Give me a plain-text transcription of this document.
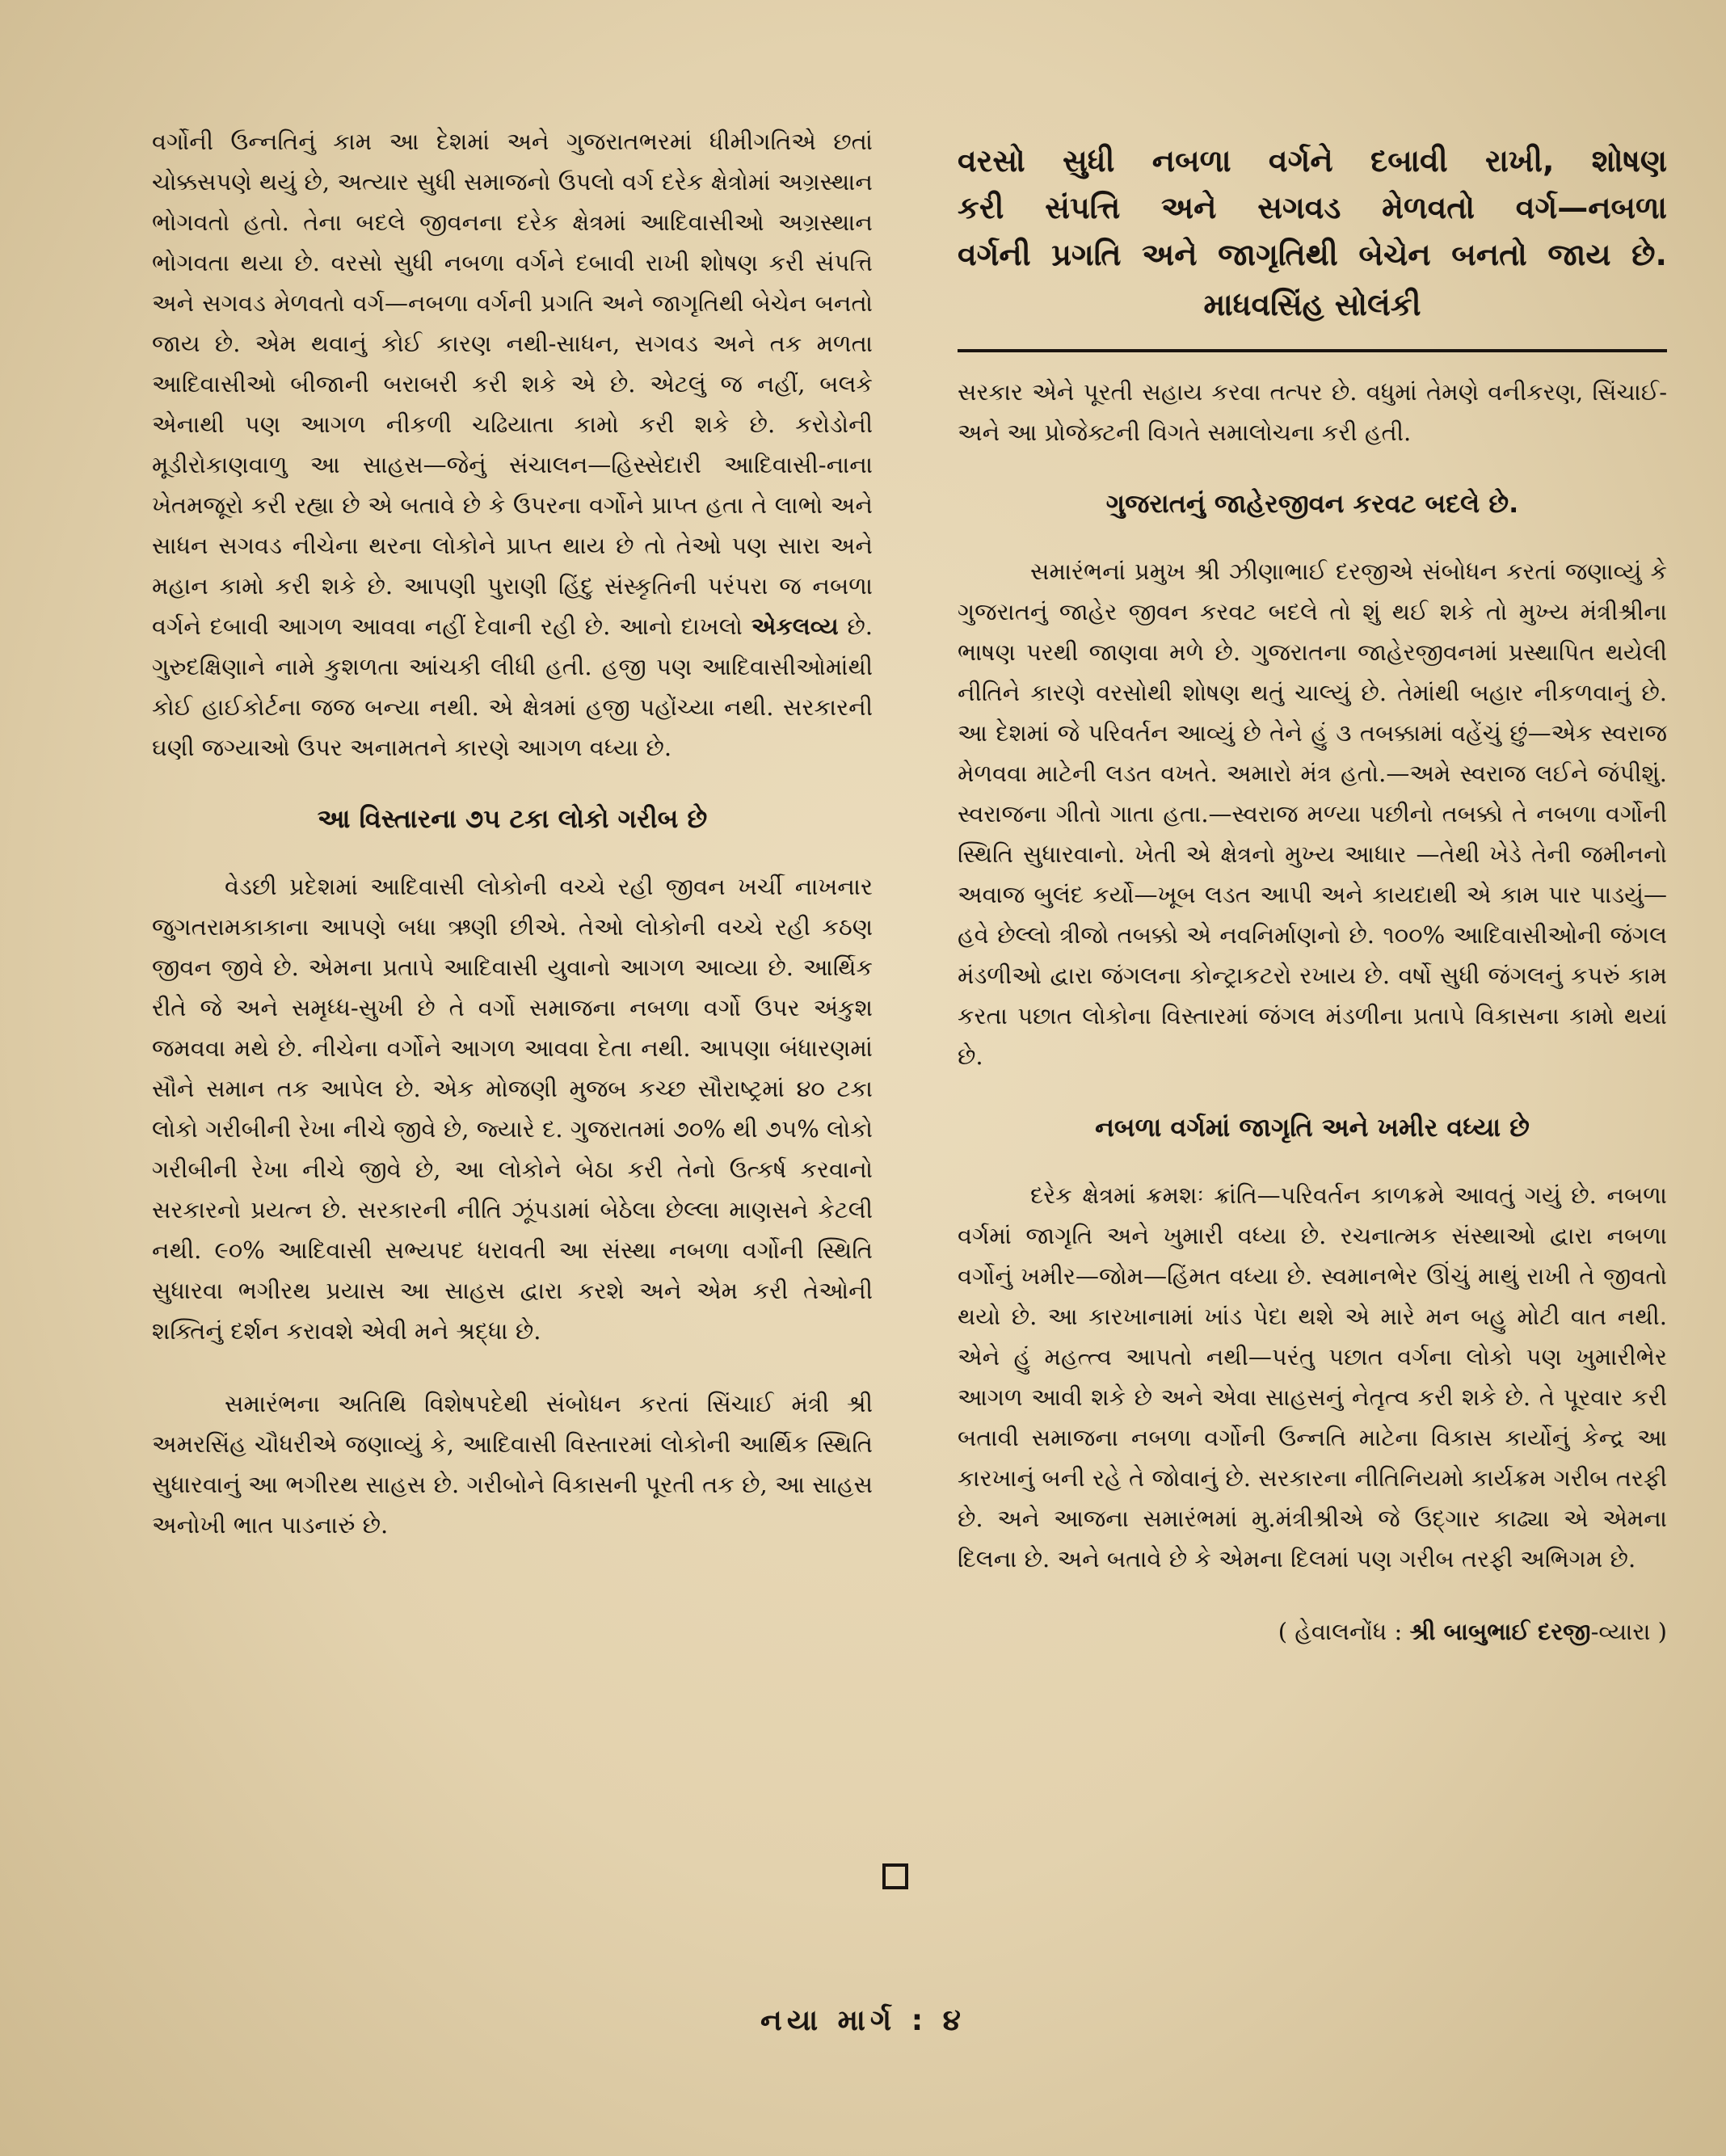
વર્ગોની ઉન્નતિનું કામ આ દેશમાં અને ગુજરાતભરમાં ધીમીગતિએ છતાં ચોક્કસપણે થયું છે, અત્યાર સુધી સમાજનો ઉપલો વર્ગ દરેક ક્ષેત્રોમાં અગ્રસ્થાન ભોગવતો હતો. તેના બદલે જીવનના દરેક ક્ષેત્રમાં આદિવાસીઓ અગ્રસ્થાન ભોગવતા થયા છે. વરસો સુધી નબળા વર્ગને દબાવી રાખી શોષણ કરી સંપત્તિ અને સગવડ મેળવતો વર્ગ—નબળા વર્ગની પ્રગતિ અને જાગૃતિથી બેચેન બનતો જાય છે. એમ થવાનું કોઈ કારણ નથી-સાધન, સગવડ અને તક મળતા આદિવાસીઓ બીજાની બરાબરી કરી શકે એ છે. એટલું જ નહીં, બલકે એનાથી પણ આગળ નીકળી ચઢિયાતા કામો કરી શકે છે. કરોડોની મૂડીરોકાણવાળુ આ સાહસ—જેનું સંચાલન—હિસ્સેદારી આદિવાસી-નાના ખેતમજૂરો કરી રહ્યા છે એ બતાવે છે કે ઉપરના વર્ગોને પ્રાપ્ત હતા તે લાભો અને સાધન સગવડ નીચેના થરના લોકોને પ્રાપ્ત થાય છે તો તેઓ પણ સારા અને મહાન કામો કરી શકે છે. આપણી પુરાણી હિંદુ સંસ્કૃતિની પરંપરા જ નબળા વર્ગને દબાવી આગળ આવવા નહીં દેવાની રહી છે. આનો દાખલો એકલવ્ય છે. ગુરુદક્ષિણાને નામે કુશળતા આંચકી લીધી હતી. હજી પણ આદિવાસીઓમાંથી કોઈ હાઈકોર્ટના જજ બન્યા નથી. એ ક્ષેત્રમાં હજી પહોંચ્યા નથી. સરકારની ઘણી જગ્યાઓ ઉપર અનામતને કારણે આગળ વધ્યા છે.

આ વિસ્તારના ૭૫ ટકા લોકો ગરીબ છે

વેડછી પ્રદેશમાં આદિવાસી લોકોની વચ્ચે રહી જીવન ખર્ચી નાખનાર જુગતરામકાકાના આપણે બધા ઋણી છીએ. તેઓ લોકોની વચ્ચે રહી કઠણ જીવન જીવે છે. એમના પ્રતાપે આદિવાસી યુવાનો આગળ આવ્યા છે. આર્થિક રીતે જે અને સમૃધ્ધ-સુખી છે તે વર્ગો સમાજના નબળા વર્ગો ઉપર અંકુશ જમવવા મથે છે. નીચેના વર્ગોને આગળ આવવા દેતા નથી. આપણા બંધારણમાં સૌને સમાન તક આપેલ છે. એક મોજણી મુજબ કચ્છ સૌરાષ્ટ્રમાં ૪૦ ટકા લોકો ગરીબીની રેખા નીચે જીવે છે, જ્યારે દ. ગુજરાતમાં ૭૦% થી ૭૫% લોકો ગરીબીની રેખા નીચે જીવે છે, આ લોકોને બેઠા કરી તેનો ઉત્કર્ષ કરવાનો સરકારનો પ્રયત્ન છે. સરકારની નીતિ ઝૂંપડામાં બેઠેલા છેલ્લા માણસને કેટલી નથી. ૯૦% આદિવાસી સભ્યપદ ધરાવતી આ સંસ્થા નબળા વર્ગોની સ્થિતિ સુધારવા ભગીરથ પ્રયાસ આ સાહસ દ્વારા કરશે અને એમ કરી તેઓની શક્તિનું દર્શન કરાવશે એવી મને શ્રદ્ધા છે.

સમારંભના અતિથિ વિશેષપદેથી સંબોધન કરતાં સિંચાઈ મંત્રી શ્રી અમરસિંહ ચૌધરીએ જણાવ્યું કે, આદિવાસી વિસ્તારમાં લોકોની આર્થિક સ્થિતિ સુધારવાનું આ ભગીરથ સાહસ છે. ગરીબોને વિકાસની પૂરતી તક છે, આ સાહસ અનોખી ભાત પાડનારું છે.

વરસો સુધી નબળા વર્ગને દબાવી રાખી, શોષણ
કરી સંપત્તિ અને સગવડ મેળવતો વર્ગ—નબળા
વર્ગની પ્રગતિ અને જાગૃતિથી બેચેન બનતો જાય છે.
માધવસિંહ સોલંકી

સરકાર એને પૂરતી સહાય કરવા તત્પર છે. વધુમાં તેમણે વનીકરણ, સિંચાઈ-અને આ પ્રોજેક્ટની વિગતે સમાલોચના કરી હતી.

ગુજરાતનું જાહેરજીવન કરવટ બદલે છે.

સમારંભનાં પ્રમુખ શ્રી ઝીણાભાઈ દરજીએ સંબોધન કરતાં જણાવ્યું કે ગુજરાતનું જાહેર જીવન કરવટ બદલે તો શું થઈ શકે તો મુખ્ય મંત્રીશ્રીના ભાષણ પરથી જાણવા મળે છે. ગુજરાતના જાહેરજીવનમાં પ્રસ્થાપિત થયેલી નીતિને કારણે વરસોથી શોષણ થતું ચાલ્યું છે. તેમાંથી બહાર નીકળવાનું છે. આ દેશમાં જે પરિવર્તન આવ્યું છે તેને હું ૩ તબક્કામાં વહેંચું છું—એક સ્વરાજ મેળવવા માટેની લડત વખતે. અમારો મંત્ર હતો.—અમે સ્વરાજ લઈને જંપીશું. સ્વરાજના ગીતો ગાતા હતા.—સ્વરાજ મળ્યા પછીનો તબક્કો તે નબળા વર્ગોની સ્થિતિ સુધારવાનો. ખેતી એ ક્ષેત્રનો મુખ્ય આધાર —તેથી ખેડે તેની જમીનનો અવાજ બુલંદ કર્યો—ખૂબ લડત આપી અને કાયદાથી એ કામ પાર પાડયું—હવે છેલ્લો ત્રીજો તબક્કો એ નવનિર્માણનો છે. ૧૦૦% આદિવાસીઓની જંગલ મંડળીઓ દ્વારા જંગલના કોન્ટ્રાકટરો રખાય છે. વર્ષો સુધી જંગલનું કપરું કામ કરતા પછાત લોકોના વિસ્તારમાં જંગલ મંડળીના પ્રતાપે વિકાસના કામો થયાં છે.

નબળા વર્ગમાં જાગૃતિ અને ખમીર વધ્યા છે

દરેક ક્ષેત્રમાં ક્રમશઃ ક્રાંતિ—પરિવર્તન કાળક્રમે આવતું ગયું છે. નબળા વર્ગમાં જાગૃતિ અને ખુમારી વધ્યા છે. રચનાત્મક સંસ્થાઓ દ્વારા નબળા વર્ગોનું ખમીર—જોમ—હિંમત વધ્યા છે. સ્વમાનભેર ઊંચું માથું રાખી તે જીવતો થયો છે. આ કારખાનામાં ખાંડ પેદા થશે એ મારે મન બહુ મોટી વાત નથી. એને હું મહત્ત્વ આપતો નથી—પરંતુ પછાત વર્ગના લોકો પણ ખુમારીભેર આગળ આવી શકે છે અને એવા સાહસનું નેતૃત્વ કરી શકે છે. તે પૂરવાર કરી બતાવી સમાજના નબળા વર્ગોની ઉન્નતિ માટેના વિકાસ કાર્યોનું કેન્દ્ર આ કારખાનું બની રહે તે જોવાનું છે. સરકારના નીતિનિયમો કાર્યક્રમ ગરીબ તરફી છે. અને આજના સમારંભમાં મુ.મંત્રીશ્રીએ જે ઉદ્ગાર કાઢ્યા એ એમના દિલના છે. અને બતાવે છે કે એમના દિલમાં પણ ગરીબ તરફી અભિગમ છે.

( હેવાલનોંધ : શ્રી બાબુભાઈ દરજી-વ્યારા )
નયા માર્ગ : ૪
